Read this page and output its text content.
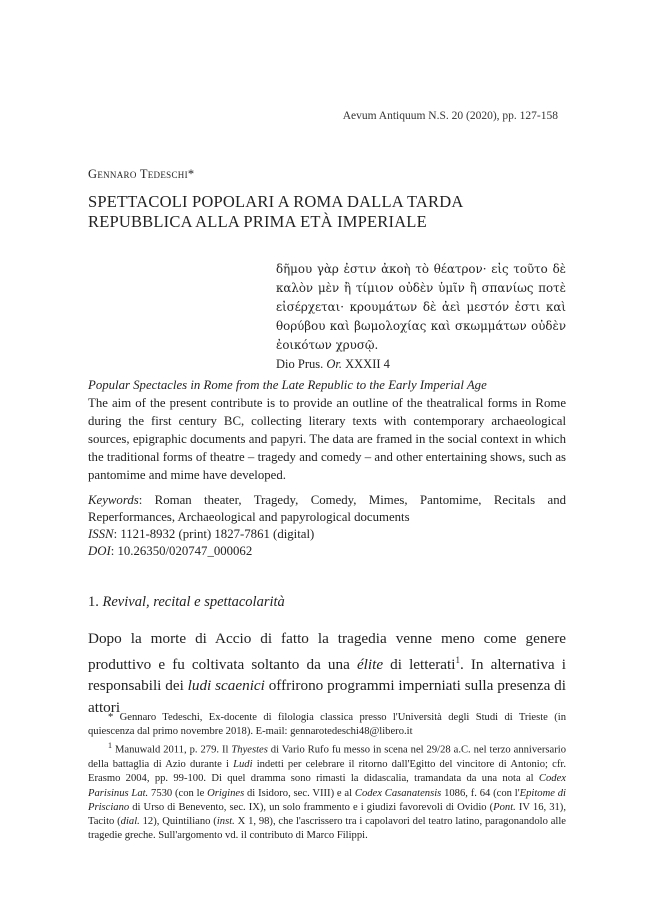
Aevum Antiquum N.S. 20 (2020), pp. 127-158
Gennaro Tedeschi*
SPETTACOLI POPOLARI A ROMA DALLA TARDA REPUBBLICA ALLA PRIMA ETÀ IMPERIALE
δῆμου γὰρ ἐστιν ἀκοὴ τὸ θέατρον· εἰς τοῦτο δὲ καλὸν μὲν ἢ τίμιον οὐδὲν ὑμῖν ἢ σπανίως ποτὲ εἰσέρχεται· κρουμάτων δὲ ἀεὶ μεστόν ἐστι καὶ θορύβου καὶ βωμολοχίας καὶ σκωμμάτων οὐδὲν ἐοικότων χρυσῷ.
Dio Prus. Or. XXXII 4
Popular Spectacles in Rome from the Late Republic to the Early Imperial Age
The aim of the present contribute is to provide an outline of the theatralical forms in Rome during the first century BC, collecting literary texts with contemporary archaeological sources, epigraphic documents and papyri. The data are framed in the social context in which the traditional forms of theatre – tragedy and comedy – and other entertaining shows, such as pantomime and mime have developed.
Keywords: Roman theater, Tragedy, Comedy, Mimes, Pantomime, Recitals and Reperformances, Archaeological and papyrological documents
ISSN: 1121-8932 (print) 1827-7861 (digital)
DOI: 10.26350/020747_000062
1. Revival, recital e spettacolarità
Dopo la morte di Accio di fatto la tragedia venne meno come genere produttivo e fu coltivata soltanto da una élite di letterati$^1$. In alternativa i responsabili dei ludi scaenici offrirono programmi imperniati sulla presenza di attori

* Gennaro Tedeschi, Ex-docente di filologia classica presso l'Università degli Studi di Trieste (in quiescenza dal primo novembre 2018). E-mail: gennarotedeschi48@libero.it

$^1$ Manuwald 2011, p. 279. Il Thyestes di Vario Rufo fu messo in scena nel 29/28 a.C. nel terzo anniversario della battaglia di Azio durante i Ludi indetti per celebrare il ritorno dall'Egitto del vincitore di Antonio; cfr. Erasmo 2004, pp. 99-100. Di quel dramma sono rimasti la didascalia, tramandata da una nota al Codex Parisinus Lat. 7530 (con le Origines di Isidoro, sec. VIII) e al Codex Casanatensis 1086, f. 64 (con l'Epitome di Prisciano di Urso di Benevento, sec. IX), un solo frammento e i giudizi favorevoli di Ovidio (Pont. IV 16, 31), Tacito (dial. 12), Quintiliano (inst. X 1, 98), che l'ascrissero tra i capolavori del teatro latino, paragonandolo alle tragedie greche. Sull'argomento vd. il contributo di Marco Filippi.
